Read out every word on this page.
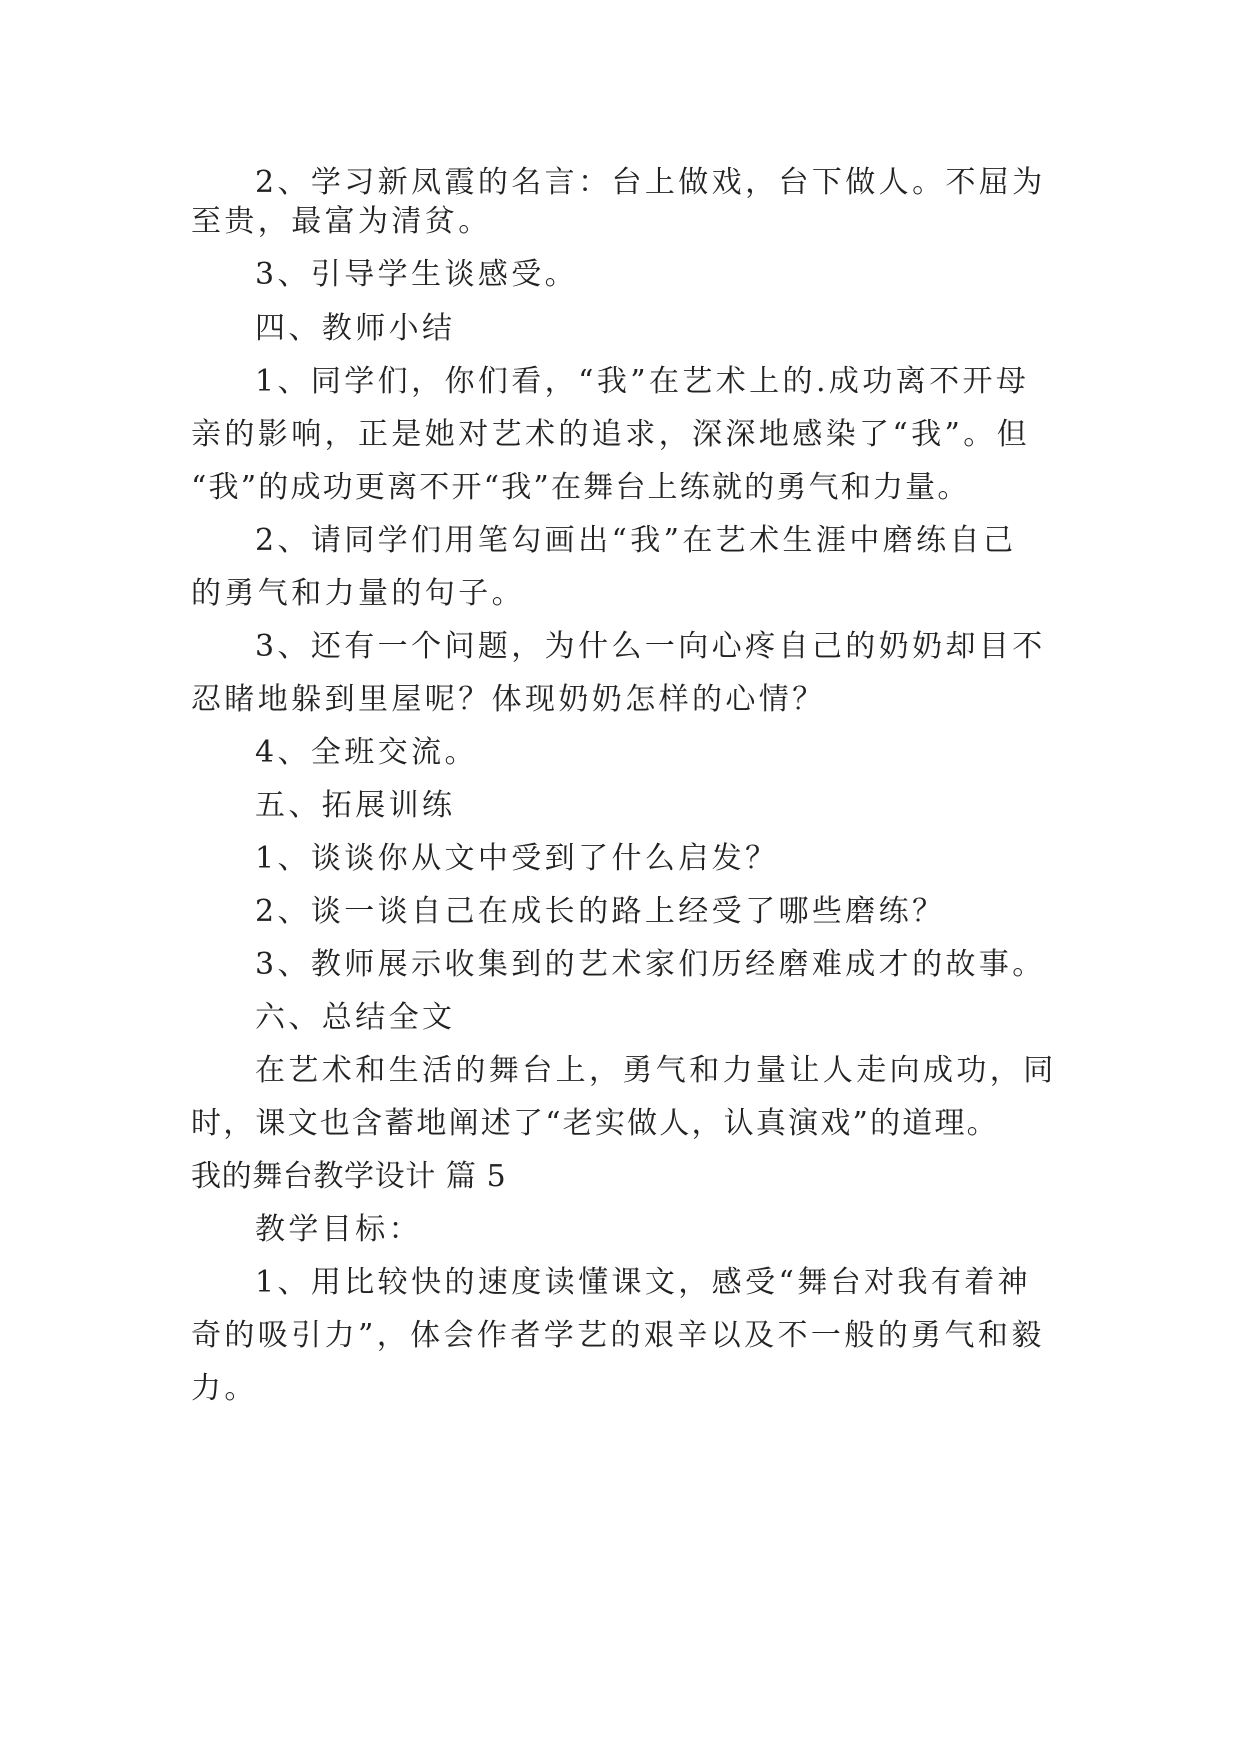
2、学习新凤霞的名言：台上做戏，台下做人。不屈为

至贵，最富为清贫。

3、引导学生谈感受。

四、教师小结

1、同学们，你们看，“我”在艺术上的.成功离不开母

亲的影响，正是她对艺术的追求，深深地感染了“我”。但

“我”的成功更离不开“我”在舞台上练就的勇气和力量。

2、请同学们用笔勾画出“我”在艺术生涯中磨练自己

的勇气和力量的句子。

3、还有一个问题，为什么一向心疼自己的奶奶却目不

忍睹地躲到里屋呢？体现奶奶怎样的心情？

4、全班交流。

五、拓展训练

1、谈谈你从文中受到了什么启发？

2、谈一谈自己在成长的路上经受了哪些磨练？

3、教师展示收集到的艺术家们历经磨难成才的故事。

六、总结全文

在艺术和生活的舞台上，勇气和力量让人走向成功，同

时，课文也含蓄地阐述了“老实做人，认真演戏”的道理。

我的舞台教学设计 篇 5

教学目标：

1、用比较快的速度读懂课文，感受“舞台对我有着神

奇的吸引力”，体会作者学艺的艰辛以及不一般的勇气和毅

力。
